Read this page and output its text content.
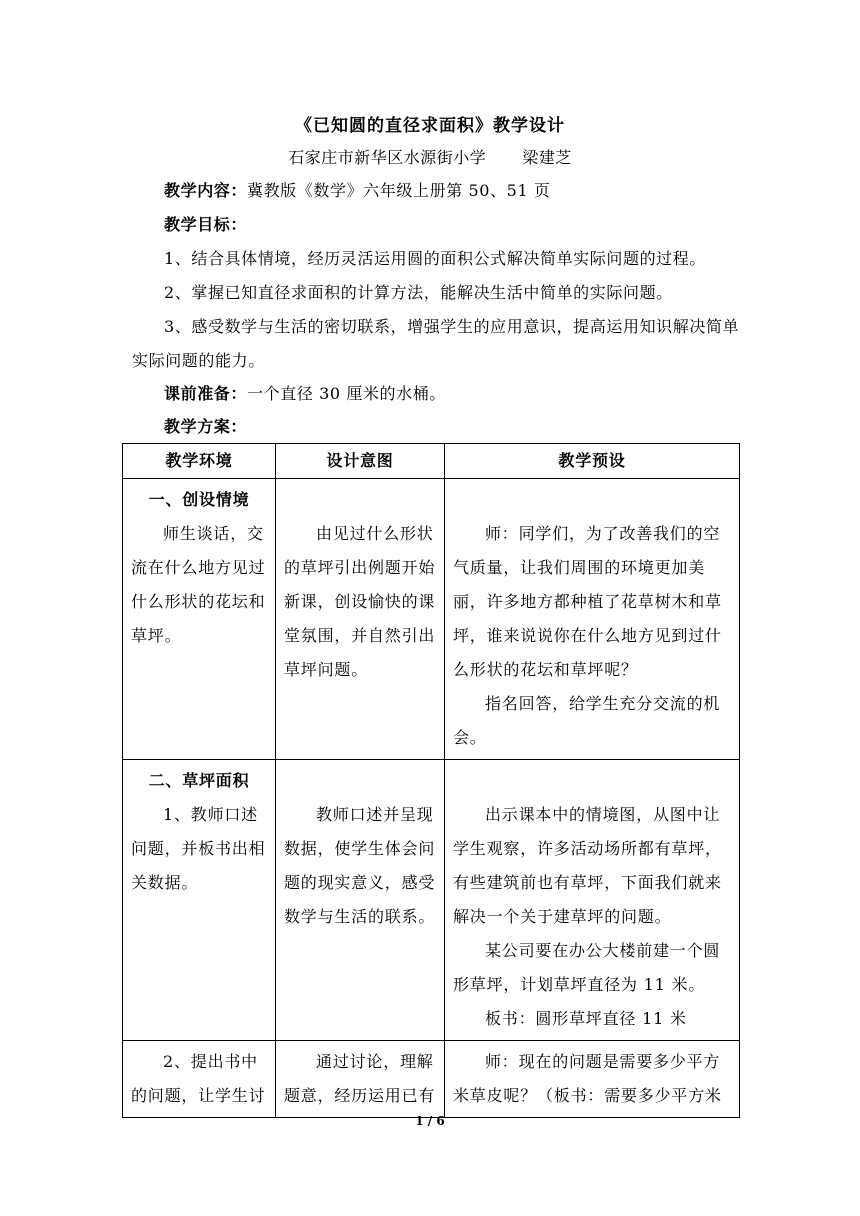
《已知圆的直径求面积》教学设计
石家庄市新华区水源街小学 梁建芝
教学内容：冀教版《数学》六年级上册第 50、51 页
教学目标：
1、结合具体情境，经历灵活运用圆的面积公式解决简单实际问题的过程。
2、掌握已知直径求面积的计算方法，能解决生活中简单的实际问题。
3、感受数学与生活的密切联系，增强学生的应用意识，提高运用知识解决简单实际问题的能力。
课前准备：一个直径 30 厘米的水桶。
教学方案：
教学环境	设计意图	教学预设

一、创设情境
师生谈话，交流在什么地方见过什么形状的花坛和草坪。	由见过什么形状的草坪引出例题开始新课，创设愉快的课堂氛围，并自然引出草坪问题。	师：同学们，为了改善我们的空气质量，让我们周围的环境更加美丽，许多地方都种植了花草树木和草坪，谁来说说你在什么地方见到过什么形状的花坛和草坪呢？
指名回答，给学生充分交流的机会。

二、草坪面积
1、教师口述问题，并板书出相关数据。	教师口述并呈现数据，使学生体会问题的现实意义，感受数学与生活的联系。	出示课本中的情境图，从图中让学生观察，许多活动场所都有草坪，有些建筑前也有草坪，下面我们就来解决一个关于建草坪的问题。
某公司要在办公大楼前建一个圆形草坪，计划草坪直径为 11 米。
板书：圆形草坪直径 11 米

2、提出书中的问题，让学生讨	通过讨论，理解题意，经历运用已有	师：现在的问题是需要多少平方米草皮呢？（板书：需要多少平方米
1 / 6
